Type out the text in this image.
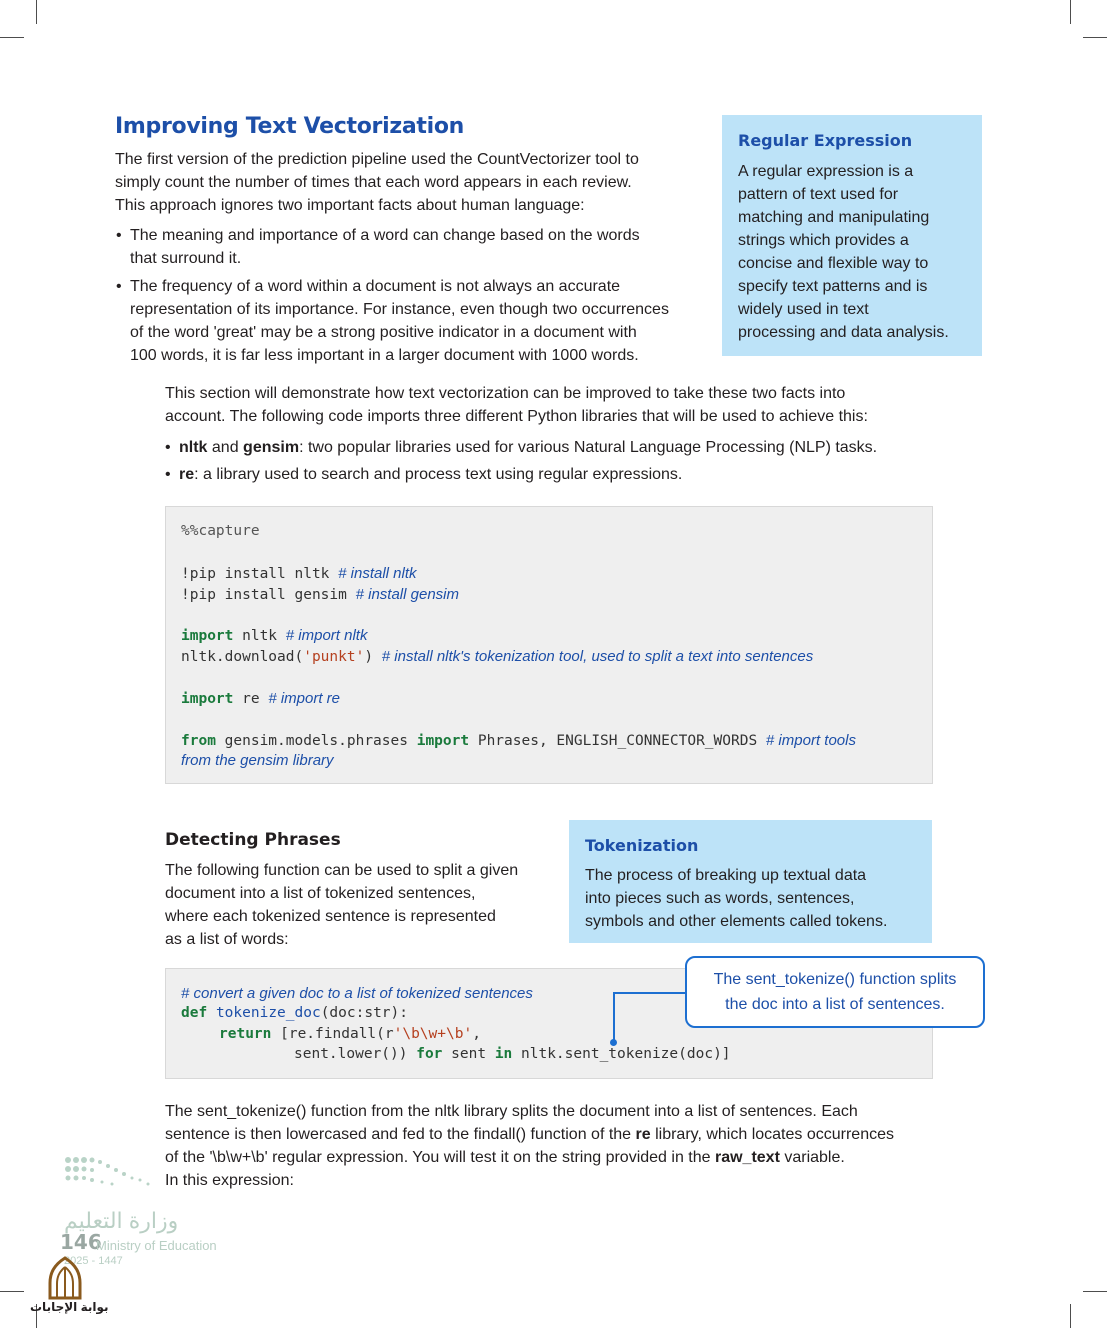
Improving Text Vectorization
The first version of the prediction pipeline used the CountVectorizer tool to
simply count the number of times that each word appears in each review.
This approach ignores two important facts about human language:
• The meaning and importance of a word can change based on the words
that surround it.
• The frequency of a word within a document is not always an accurate
representation of its importance. For instance, even though two occurrences
of the word 'great' may be a strong positive indicator in a document with
100 words, it is far less important in a larger document with 1000 words.
Regular Expression

A regular expression is a

pattern of text used for

matching and manipulating

strings which provides a

concise and flexible way to

specify text patterns and is

widely used in text

processing and data analysis.

This section will demonstrate how text vectorization can be improved to take these two facts into
account. The following code imports three different Python libraries that will be used to achieve this:
• nltk and gensim: two popular libraries used for various Natural Language Processing (NLP) tasks.
• re: a library used to search and process text using regular expressions.
%%capture
!pip install nltk # install nltk
!pip install gensim # install gensim
import nltk # import nltk
nltk.download('punkt') # install nltk's tokenization tool, used to split a text into sentences
import re # import re
from gensim.models.phrases import Phrases, ENGLISH_CONNECTOR_WORDS # import tools
from the gensim library
Detecting Phrases
The following function can be used to split a given
document into a list of tokenized sentences,
where each tokenized sentence is represented
as a list of words:
Tokenization

The process of breaking up textual data

into pieces such as words, sentences,

symbols and other elements called tokens.

# convert a given doc to a list of tokenized sentences
def tokenize_doc(doc:str):
return [re.findall(r'\b\w+\b',
sent.lower()) for sent in nltk.sent_tokenize(doc)]
The sent_tokenize() function splits
the doc into a list of sentences.
The sent_tokenize() function from the nltk library splits the document into a list of sentences. Each
sentence is then lowercased and fed to the findall() function of the re library, which locates occurrences
of the '\b\w+\b' regular expression. You will test it on the string provided in the raw_text variable.
In this expression:
وزارة التعليم
146
Ministry of Education
2025 - 1447
بوابة الإجابات
